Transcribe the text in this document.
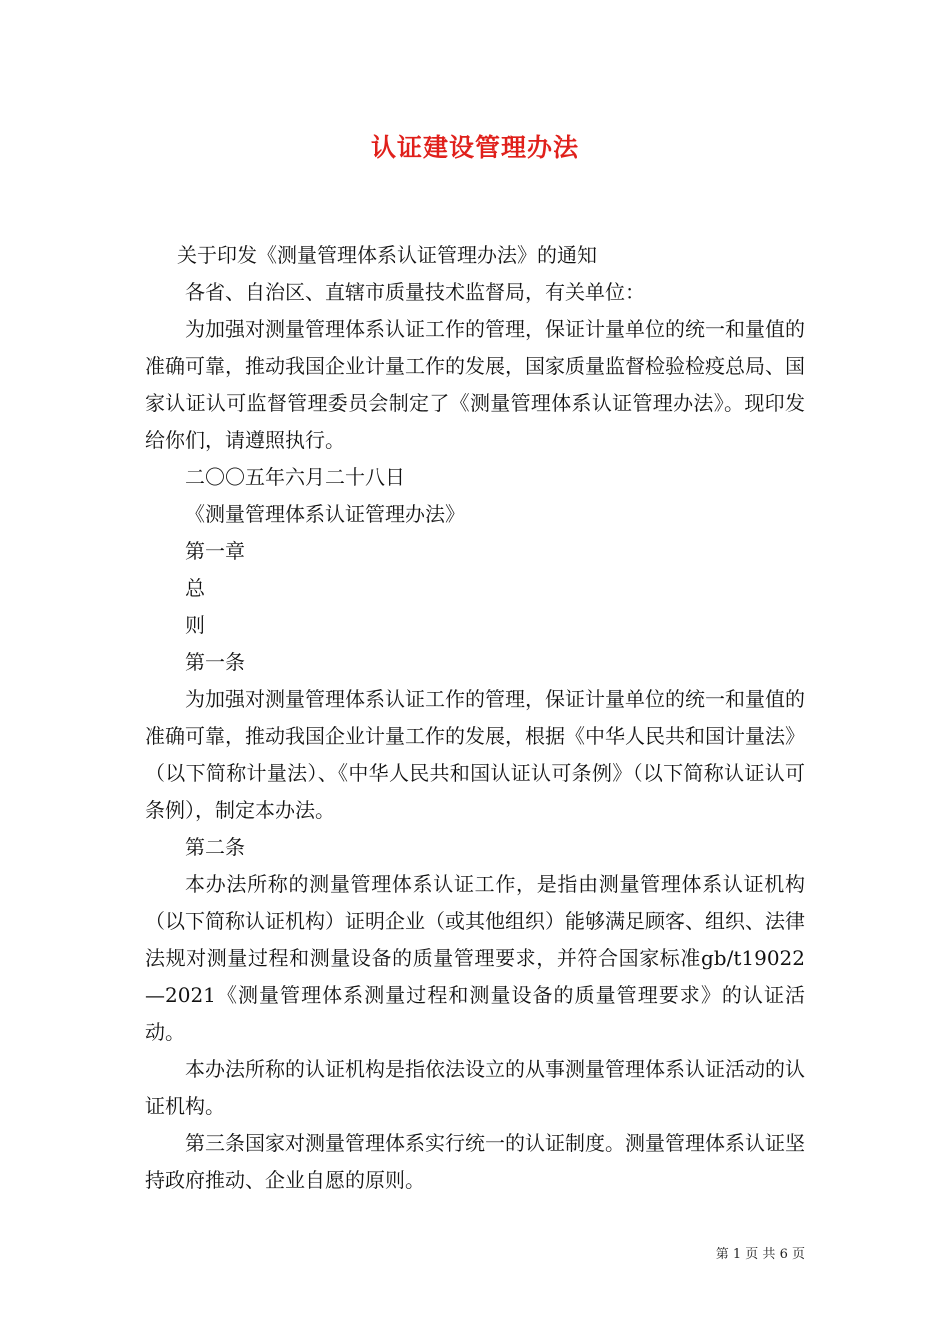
认证建设管理办法

关于印发《测量管理体系认证管理办法》的通知

各省、自治区、直辖市质量技术监督局，有关单位：

为加强对测量管理体系认证工作的管理，保证计量单位的统一和量值的准确可靠，推动我国企业计量工作的发展，国家质量监督检验检疫总局、国家认证认可监督管理委员会制定了《测量管理体系认证管理办法》。现印发给你们，请遵照执行。

二〇〇五年六月二十八日

《测量管理体系认证管理办法》

第一章

总

则

第一条

为加强对测量管理体系认证工作的管理，保证计量单位的统一和量值的准确可靠，推动我国企业计量工作的发展，根据《中华人民共和国计量法》（以下简称计量法）、《中华人民共和国认证认可条例》（以下简称认证认可条例），制定本办法。

第二条

本办法所称的测量管理体系认证工作，是指由测量管理体系认证机构（以下简称认证机构）证明企业（或其他组织）能够满足顾客、组织、法律法规对测量过程和测量设备的质量管理要求，并符合国家标准gb/t19022—2021《测量管理体系测量过程和测量设备的质量管理要求》的认证活动。

本办法所称的认证机构是指依法设立的从事测量管理体系认证活动的认证机构。

第三条国家对测量管理体系实行统一的认证制度。测量管理体系认证坚持政府推动、企业自愿的原则。

第 1 页 共 6 页
